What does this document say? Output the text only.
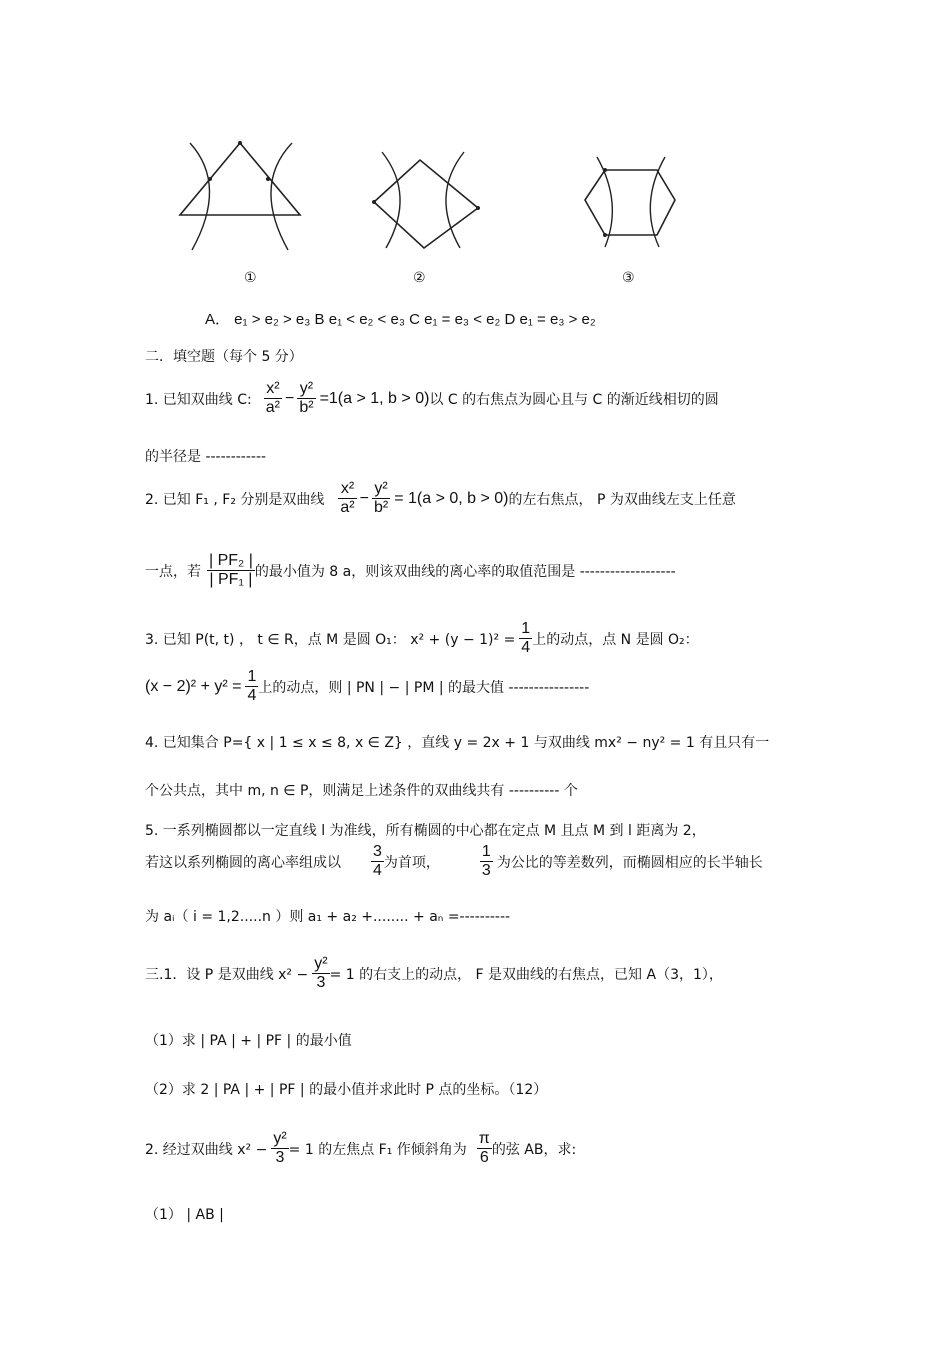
①	②	③
A． e₁ > e₂ > e₃ B e₁ < e₂ < e₃ C e₁ = e₃ < e₂ D e₁ = e₃ > e₂
二．填空题（每个 5 分）
1. 已知双曲线 C: $\frac{\text{x²}}{\text{a²}} - \frac{\text{y²}}{\text{b²}} =1(a > 1$, b > 0) 以 C 的右焦点为圆心且与 C 的渐近线相切的圆
的半径是 ------------
2. 已知 F₁ , F₂ 分别是双曲线 $\frac{\text{x²}}{\text{a²}} - \frac{\text{y²}}{\text{b²}} = 1(a > 0$, b > 0) 的左右焦点， P 为双曲线左支上任意
一点，若 $\frac{\text{| PF₂ |}}{\text{| PF₁ |}}$ 的最小值为 8 a，则该双曲线的离心率的取值范围是 -------------------
3. 已知 P(t, t) ， t ∈ R，点 M 是圆 O₁： $x^2 + (y - 1)^2 = \frac{1}{4}$ 上的动点，点 N 是圆 O₂：
$(x - 2)^2 + y^2 = \frac{1}{4}$ 上的动点，则 | PN | − | PM | 的最大值 ----------------
4. 已知集合 P={ x | 1 ≤ x ≤ 8, x ∈ Z} ，直线 y = 2x + 1 与双曲线 mx² − ny² = 1 有且只有一
个公共点，其中 m, n ∈ P，则满足上述条件的双曲线共有 ---------- 个
5. 一系列椭圆都以一定直线 l 为准线，所有椭圆的中心都在定点 M 且点 M 到 l 距离为 2，
若这以系列椭圆的离心率组成以 $\frac{3}{4}$ 为首项，	$\frac{1}{3}$ 为公比的等差数列，而椭圆相应的长半轴长
为 aᵢ（ i = 1,2.....n ）则 a₁ + a₂ +........ + aₙ =----------
三.1．设 P 是双曲线 $x^2 - \frac{\text{y²}}{3} = 1$ 的右支上的动点， F 是双曲线的右焦点，已知 A（3，1），
（1）求 | PA | + | PF | 的最小值
（2）求 2 | PA | + | PF | 的最小值并求此时 P 点的坐标。（12）
2. 经过双曲线 $x^2 - \frac{\text{y²}}{3} = 1$ 的左焦点 F₁ 作倾斜角为 $\frac{\pi}{6}$ 的弦 AB，求:
（1） | AB |
